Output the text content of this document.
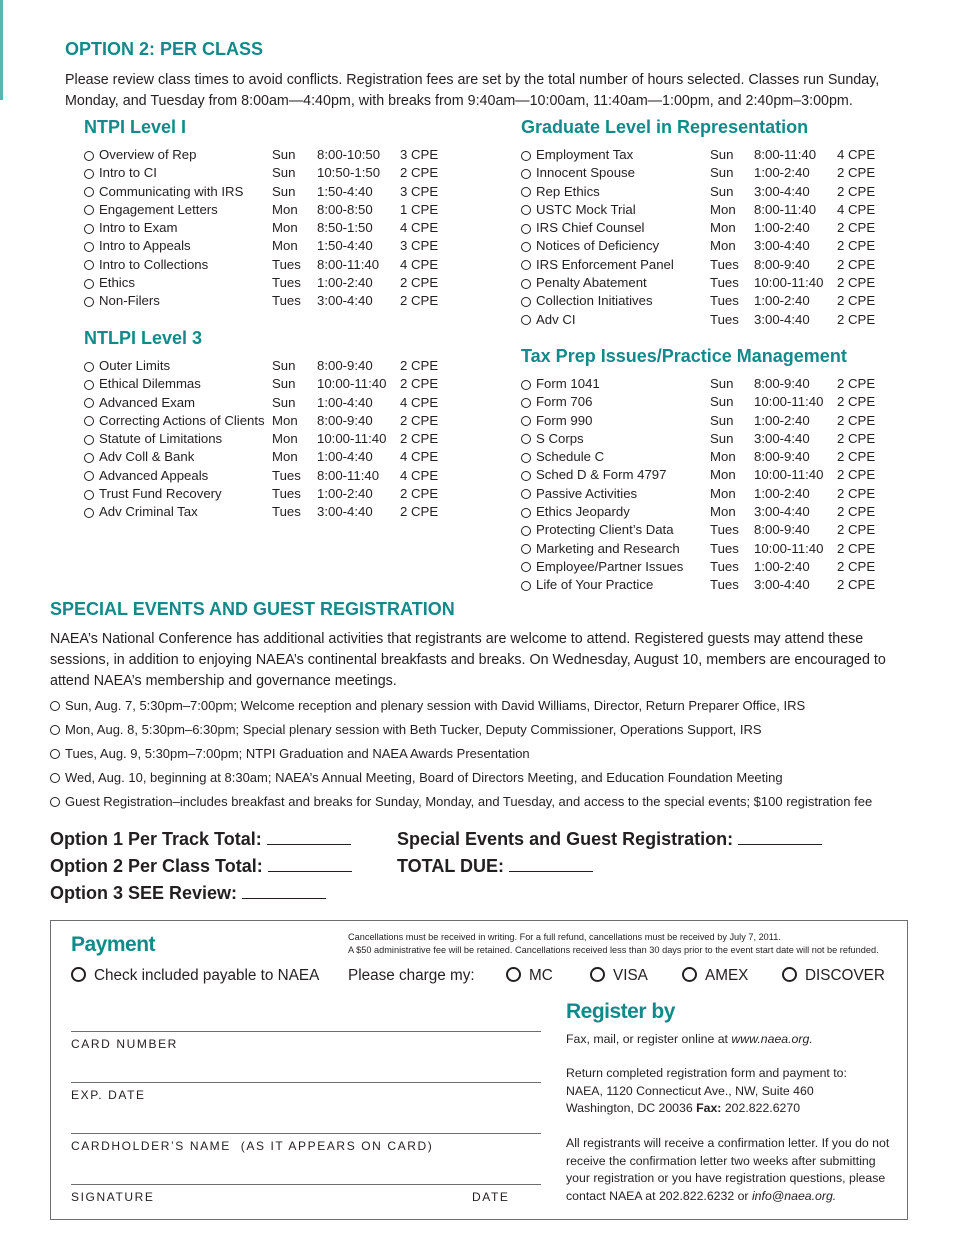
OPTION 2: PER CLASS
Please review class times to avoid conflicts. Registration fees are set by the total number of hours selected. Classes run Sunday, Monday, and Tuesday from 8:00am—4:40pm, with breaks from 9:40am—10:00am, 11:40am—1:00pm, and 2:40pm–3:00pm.
NTPI Level I
Overview of Rep	Sun 8:00-10:50 3 CPE
Intro to CI	Sun 10:50-1:50 2 CPE
Communicating with IRS Sun 1:50-4:40 3 CPE
Engagement Letters	Mon 8:00-8:50 1 CPE
Intro to Exam	Mon 8:50-1:50 4 CPE
Intro to Appeals	Mon 1:50-4:40 3 CPE
Intro to Collections	Tues 8:00-11:40 4 CPE
Ethics	Tues 1:00-2:40 2 CPE
Non-Filers	Tues 3:00-4:40 2 CPE
NTLPI Level 3
Outer Limits	Sun 8:00-9:40 2 CPE
Ethical Dilemmas	Sun 10:00-11:40 2 CPE
Advanced Exam	Sun 1:00-4:40 4 CPE
Correcting Actions of Clients Mon 8:00-9:40 2 CPE
Statute of Limitations	Mon 10:00-11:40 2 CPE
Adv Coll & Bank	Mon 1:00-4:40 4 CPE
Advanced Appeals	Tues 8:00-11:40 4 CPE
Trust Fund Recovery	Tues 1:00-2:40 2 CPE
Adv Criminal Tax	Tues 3:00-4:40 2 CPE
Graduate Level in Representation
Employment Tax	Sun 8:00-11:40 4 CPE
Innocent Spouse	Sun 1:00-2:40 2 CPE
Rep Ethics	Sun 3:00-4:40 2 CPE
USTC Mock Trial	Mon 8:00-11:40 4 CPE
IRS Chief Counsel	Mon 1:00-2:40 2 CPE
Notices of Deficiency	Mon 3:00-4:40 2 CPE
IRS Enforcement Panel	Tues 8:00-9:40 2 CPE
Penalty Abatement	Tues 10:00-11:40 2 CPE
Collection Initiatives	Tues 1:00-2:40 2 CPE
Adv CI	Tues 3:00-4:40 2 CPE
Tax Prep Issues/Practice Management
Form 1041	Sun 8:00-9:40 2 CPE
Form 706	Sun 10:00-11:40 2 CPE
Form 990	Sun 1:00-2:40 2 CPE
S Corps	Sun 3:00-4:40 2 CPE
Schedule C	Mon 8:00-9:40 2 CPE
Sched D & Form 4797	Mon 10:00-11:40 2 CPE
Passive Activities	Mon 1:00-2:40 2 CPE
Ethics Jeopardy	Mon 3:00-4:40 2 CPE
Protecting Client’s Data	Tues 8:00-9:40 2 CPE
Marketing and Research Tues 10:00-11:40 2 CPE
Employee/Partner Issues Tues 1:00-2:40 2 CPE
Life of Your Practice	Tues 3:00-4:40 2 CPE
SPECIAL EVENTS AND GUEST REGISTRATION
NAEA’s National Conference has additional activities that registrants are welcome to attend. Registered guests may attend these sessions, in addition to enjoying NAEA’s continental breakfasts and breaks. On Wednesday, August 10, members are encouraged to attend NAEA’s membership and governance meetings.
Sun, Aug. 7, 5:30pm–7:00pm; Welcome reception and plenary session with David Williams, Director, Return Preparer Office, IRS
Mon, Aug. 8, 5:30pm–6:30pm; Special plenary session with Beth Tucker, Deputy Commissioner, Operations Support, IRS
Tues, Aug. 9, 5:30pm–7:00pm; NTPI Graduation and NAEA Awards Presentation
Wed, Aug. 10, beginning at 8:30am; NAEA’s Annual Meeting, Board of Directors Meeting, and Education Foundation Meeting
Guest Registration–includes breakfast and breaks for Sunday, Monday, and Tuesday, and access to the special events; $100 registration fee
Option 1 Per Track Total:
Option 2 Per Class Total:
Option 3 SEE Review:
Special Events and Guest Registration:
TOTAL DUE:
Payment	Cancellations must be received in writing. For a full refund, cancellations must be received by July 7, 2011.
A $50 administrative fee will be retained. Cancellations received less than 30 days prior to the event start date will not be refunded.
Check included payable to NAEA Please charge my:	MC	VISA	AMEX	DISCOVER
CARD NUMBER
EXP. DATE
CARDHOLDER’S NAME  (AS IT APPEARS ON CARD)
SIGNATURE	DATE
Register by
Fax, mail, or register online at www.naea.org.
Return completed registration form and payment to:
NAEA, 1120 Connecticut Ave., NW, Suite 460
Washington, DC 20036 Fax: 202.822.6270
All registrants will receive a confirmation letter. If you do not receive the confirmation letter two weeks after submitting your registration or you have registration questions, please contact NAEA at 202.822.6232 or info@naea.org.
